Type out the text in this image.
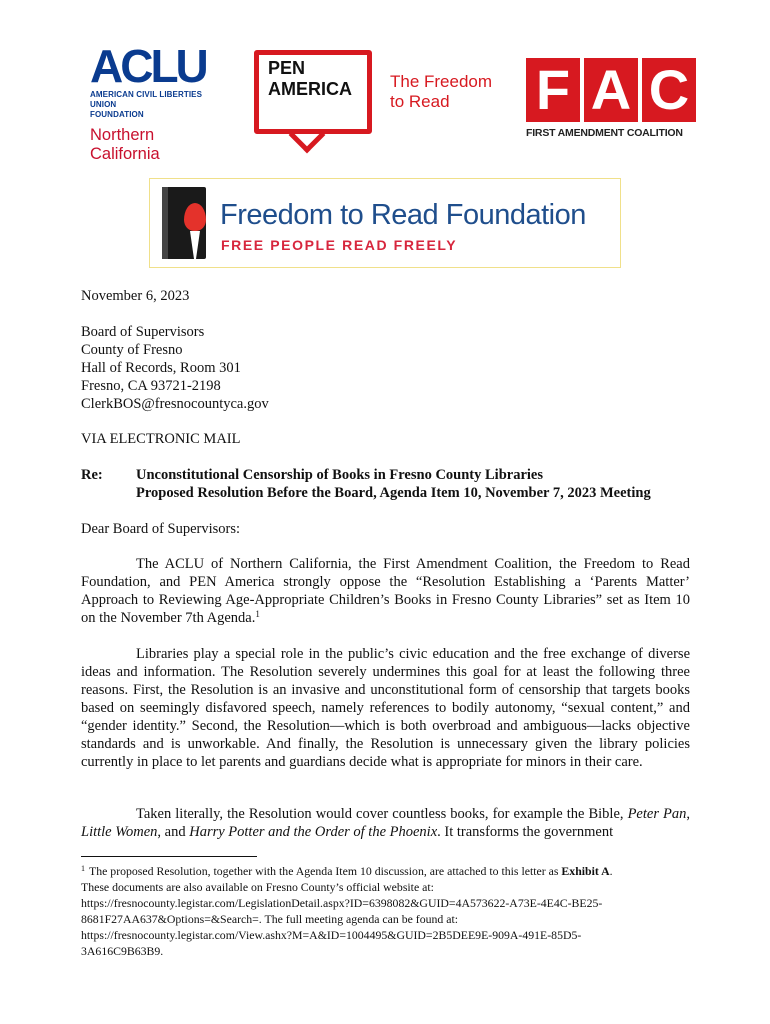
ACLU
AMERICAN CIVIL LIBERTIES UNION
FOUNDATION
Northern
California
PEN
AMERICA The Freedom
to Read	F A C
FIRST AMENDMENT COALITION
Freedom to Read Foundation
FREE PEOPLE READ FREELY
November 6, 2023
Board of Supervisors
County of Fresno
Hall of Records, Room 301
Fresno, CA 93721-2198
ClerkBOS@fresnocountyca.gov
VIA ELECTRONIC MAIL
Re:	Unconstitutional Censorship of Books in Fresno County Libraries
Proposed Resolution Before the Board, Agenda Item 10, November 7, 2023 Meeting
Dear Board of Supervisors:
The ACLU of Northern California, the First Amendment Coalition, the Freedom to Read Foundation, and PEN America strongly oppose the “Resolution Establishing a ‘Parents Matter’ Approach to Reviewing Age-Appropriate Children’s Books in Fresno County Libraries” set as Item 10 on the November 7th Agenda.$^1$
Libraries play a special role in the public’s civic education and the free exchange of diverse ideas and information. The Resolution severely undermines this goal for at least the following three reasons. First, the Resolution is an invasive and unconstitutional form of censorship that targets books based on seemingly disfavored speech, namely references to bodily autonomy, “sexual content,” and “gender identity.” Second, the Resolution—which is both overbroad and ambiguous—lacks objective standards and is unworkable. And finally, the Resolution is unnecessary given the library policies currently in place to let parents and guardians decide what is appropriate for minors in their care.
Taken literally, the Resolution would cover countless books, for example the Bible, Peter Pan, Little Women, and Harry Potter and the Order of the Phoenix. It transforms the government
$^1$ The proposed Resolution, together with the Agenda Item 10 discussion, are attached to this letter as Exhibit A.
These documents are also available on Fresno County’s official website at:
https://fresnocounty.legistar.com/LegislationDetail.aspx?ID=6398082&GUID=4A573622-A73E-4E4C-BE25-
8681F27AA637&Options=&Search=. The full meeting agenda can be found at:
https://fresnocounty.legistar.com/View.ashx?M=A&ID=1004495&GUID=2B5DEE9E-909A-491E-85D5-
3A616C9B63B9.
